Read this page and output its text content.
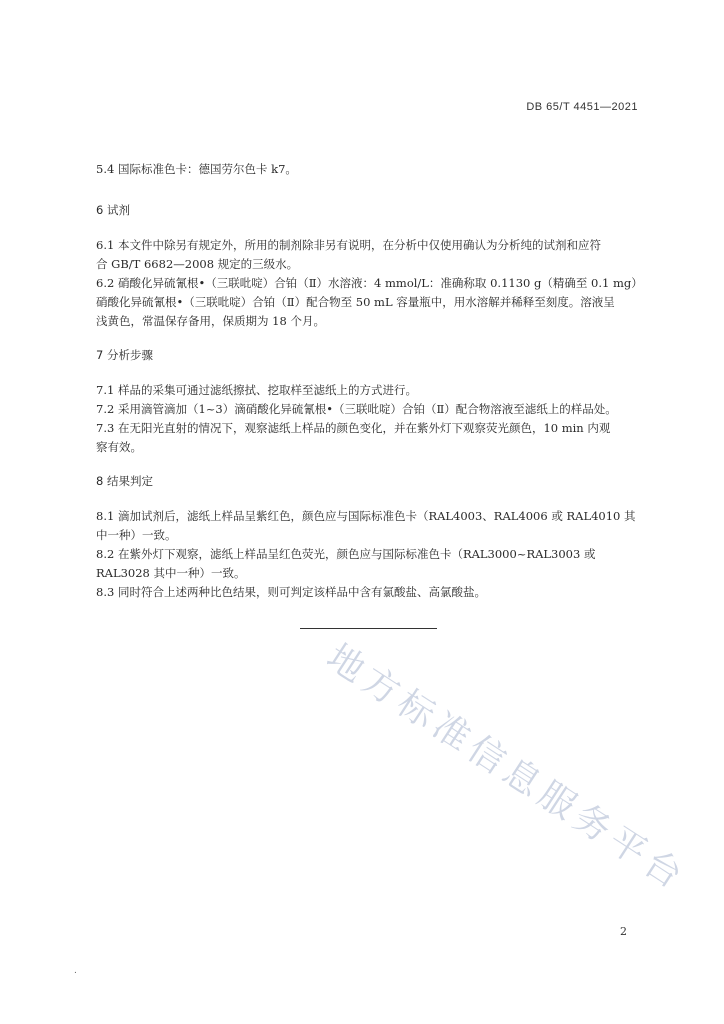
DB 65/T 4451—2021
5.4 国际标准色卡：德国劳尔色卡 k7。
6 试剂
6.1 本文件中除另有规定外，所用的制剂除非另有说明，在分析中仅使用确认为分析纯的试剂和应符
合 GB/T 6682—2008 规定的三级水。
6.2 硝酸化异硫氰根•（三联吡啶）合铂（Ⅱ）水溶液：4 mmol/L：准确称取 0.1130 g（精确至 0.1 mg）
硝酸化异硫氰根•（三联吡啶）合铂（Ⅱ）配合物至 50 mL 容量瓶中，用水溶解并稀释至刻度。溶液呈
浅黄色，常温保存备用，保质期为 18 个月。
7 分析步骤
7.1 样品的采集可通过滤纸擦拭、挖取样至滤纸上的方式进行。
7.2 采用滴管滴加（1~3）滴硝酸化异硫氰根•（三联吡啶）合铂（Ⅱ）配合物溶液至滤纸上的样品处。
7.3 在无阳光直射的情况下，观察滤纸上样品的颜色变化，并在紫外灯下观察荧光颜色，10 min 内观
察有效。
8 结果判定
8.1 滴加试剂后，滤纸上样品呈紫红色，颜色应与国际标准色卡（RAL4003、RAL4006 或 RAL4010 其
中一种）一致。
8.2 在紫外灯下观察，滤纸上样品呈红色荧光，颜色应与国际标准色卡（RAL3000~RAL3003 或
RAL3028 其中一种）一致。
8.3 同时符合上述两种比色结果，则可判定该样品中含有氯酸盐、高氯酸盐。
地方标准信息服务平台
2
.
